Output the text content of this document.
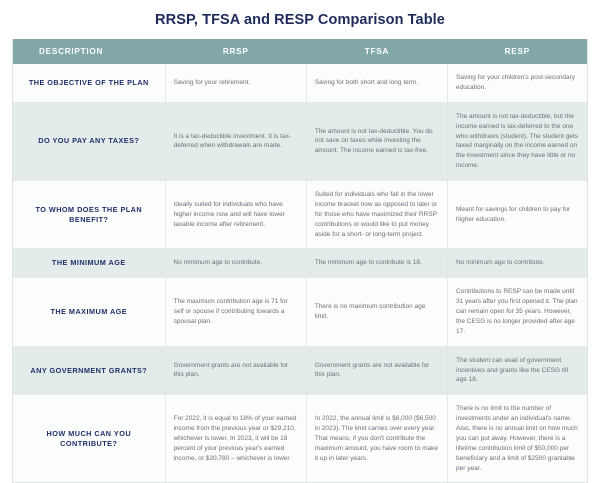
RRSP, TFSA and RESP Comparison Table
DESCRIPTION	RRSP	TFSA	RESP
THE OBJECTIVE OF THE PLAN	Saving for your retirement.	Saving for both short and long term.	Saving for your children's post-secondary education.
DO YOU PAY ANY TAXES?	It is a tax-deductible investment. It is tax-deferred when withdrawals are made.	The amount is not tax-deductible. You do not save on taxes while investing the amount. The income earned is tax-free.	The amount is not tax-deductible, but the income earned is tax-deferred to the one who withdraws (student). The student gets taxed marginally on the income earned on the investment since they have little or no income.
TO WHOM DOES THE PLAN BENEFIT?	Ideally suited for individuals who have higher income now and will have lower taxable income after retirement.	Suited for individuals who fall in the lower income bracket now as opposed to later or for those who have maximized their RRSP contributions or would like to put money aside for a short- or long-term project.	Meant for savings for children to pay for higher education.
THE MINIMUM AGE	No minimum age to contribute.	The minimum age to contribute is 18.	No minimum age to contribute.
THE MAXIMUM AGE	The maximum contribution age is 71 for self or spouse if contributing towards a spousal plan.	There is no maximum contribution age limit.	Contributions to RESP can be made until 31 years after you first opened it. The plan can remain open for 35 years. However, the CESG is no longer provided after age 17.
ANY GOVERNMENT GRANTS?	Government grants are not available for this plan.	Government grants are not available for this plan.	The student can avail of government incentives and grants like the CESG till age 18.
HOW MUCH CAN YOU CONTRIBUTE?	For 2022, it is equal to 18% of your earned income from the previous year or $29,210, whichever is lower. In 2023, it will be 18 percent of your previous year's earned income, or $30,780 – whichever is lower.	In 2022, the annual limit is $6,000 ($6,500 in 2023). The limit carries over every year. That means, if you don't contribute the maximum amount, you have room to make it up in later years.	There is no limit to the number of investments under an individual's name. Also, there is no annual limit on how much you can put away. However, there is a lifetime contribution limit of $50,000 per beneficiary and a limit of $2500 grantable per year.
